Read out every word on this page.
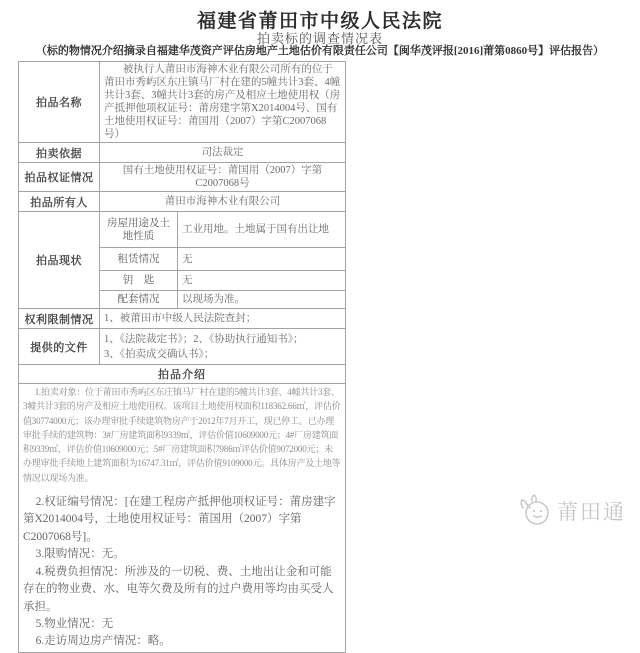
福建省莆田市中级人民法院
拍卖标的调查情况表
（标的物情况介绍摘录自福建华茂资产评估房地产土地估价有限责任公司【闽华茂评报[2016]莆第0860号】评估报告）
拍品名称	被执行人莆田市海神木业有限公司所有的位于莆田市秀屿区东庄镇马厂村在建的5幢共计3套、4幢共计3套、3幢共计3套的房产及相应土地使用权（房产抵押他项权证号：莆房建字第X2014004号、国有土地使用权证号：莆国用（2007）字第C2007068号）	

拍卖依据	司法裁定	
拍品权证情况	国有土地使用权证号：莆国用（2007）字第C2007068号	
拍品所有人	莆田市海神木业有限公司	
拍品现状	房屋用途及土地性质	工业用地。土地属于国有出让地
	租赁情况	无
	钥　匙	无
	配套情况	以现场为准。
权利限制情况	1、被莆田市中级人民法院查封；	
提供的文件	1、《法院裁定书》；2、《协助执行通知书》；
3、《拍卖成交确认书》；	

拍品介绍		

1.拍卖对象：位于莆田市秀屿区东庄镇马厂村在建的5幢共计3套、4幢共计3套、3幢共计3套的房产及相应土地使用权。该项目土地使用权面积118362.66㎡，评估价值30774000元；该办理审批手续建筑物房产于2012年7月开工，现已停工。已办理审批手续的建筑物：3#厂房建筑面积9339㎡，评估价值10609000元；4#厂房建筑面积9339㎡，评估价值10609000元；5#厂房建筑面积7986㎡评估价值9072000元；未办理审批手续地上建筑面积为16747.31㎡，评估价值9109000元。具体房产及土地等情况以现场为准。

2.权证编号情况：[在建工程房产抵押他项权证号：莆房建字第X2014004号，土地使用权证号：莆国用（2007）字第C2007068号]。

3.限购情况：无。

4.税费负担情况：所涉及的一切税、费、土地出让金和可能存在的物业费、水、电等欠费及所有的过户费用等均由买受人承担。

5.物业情况：无

6.走访周边房产情况：略。

莆田通
